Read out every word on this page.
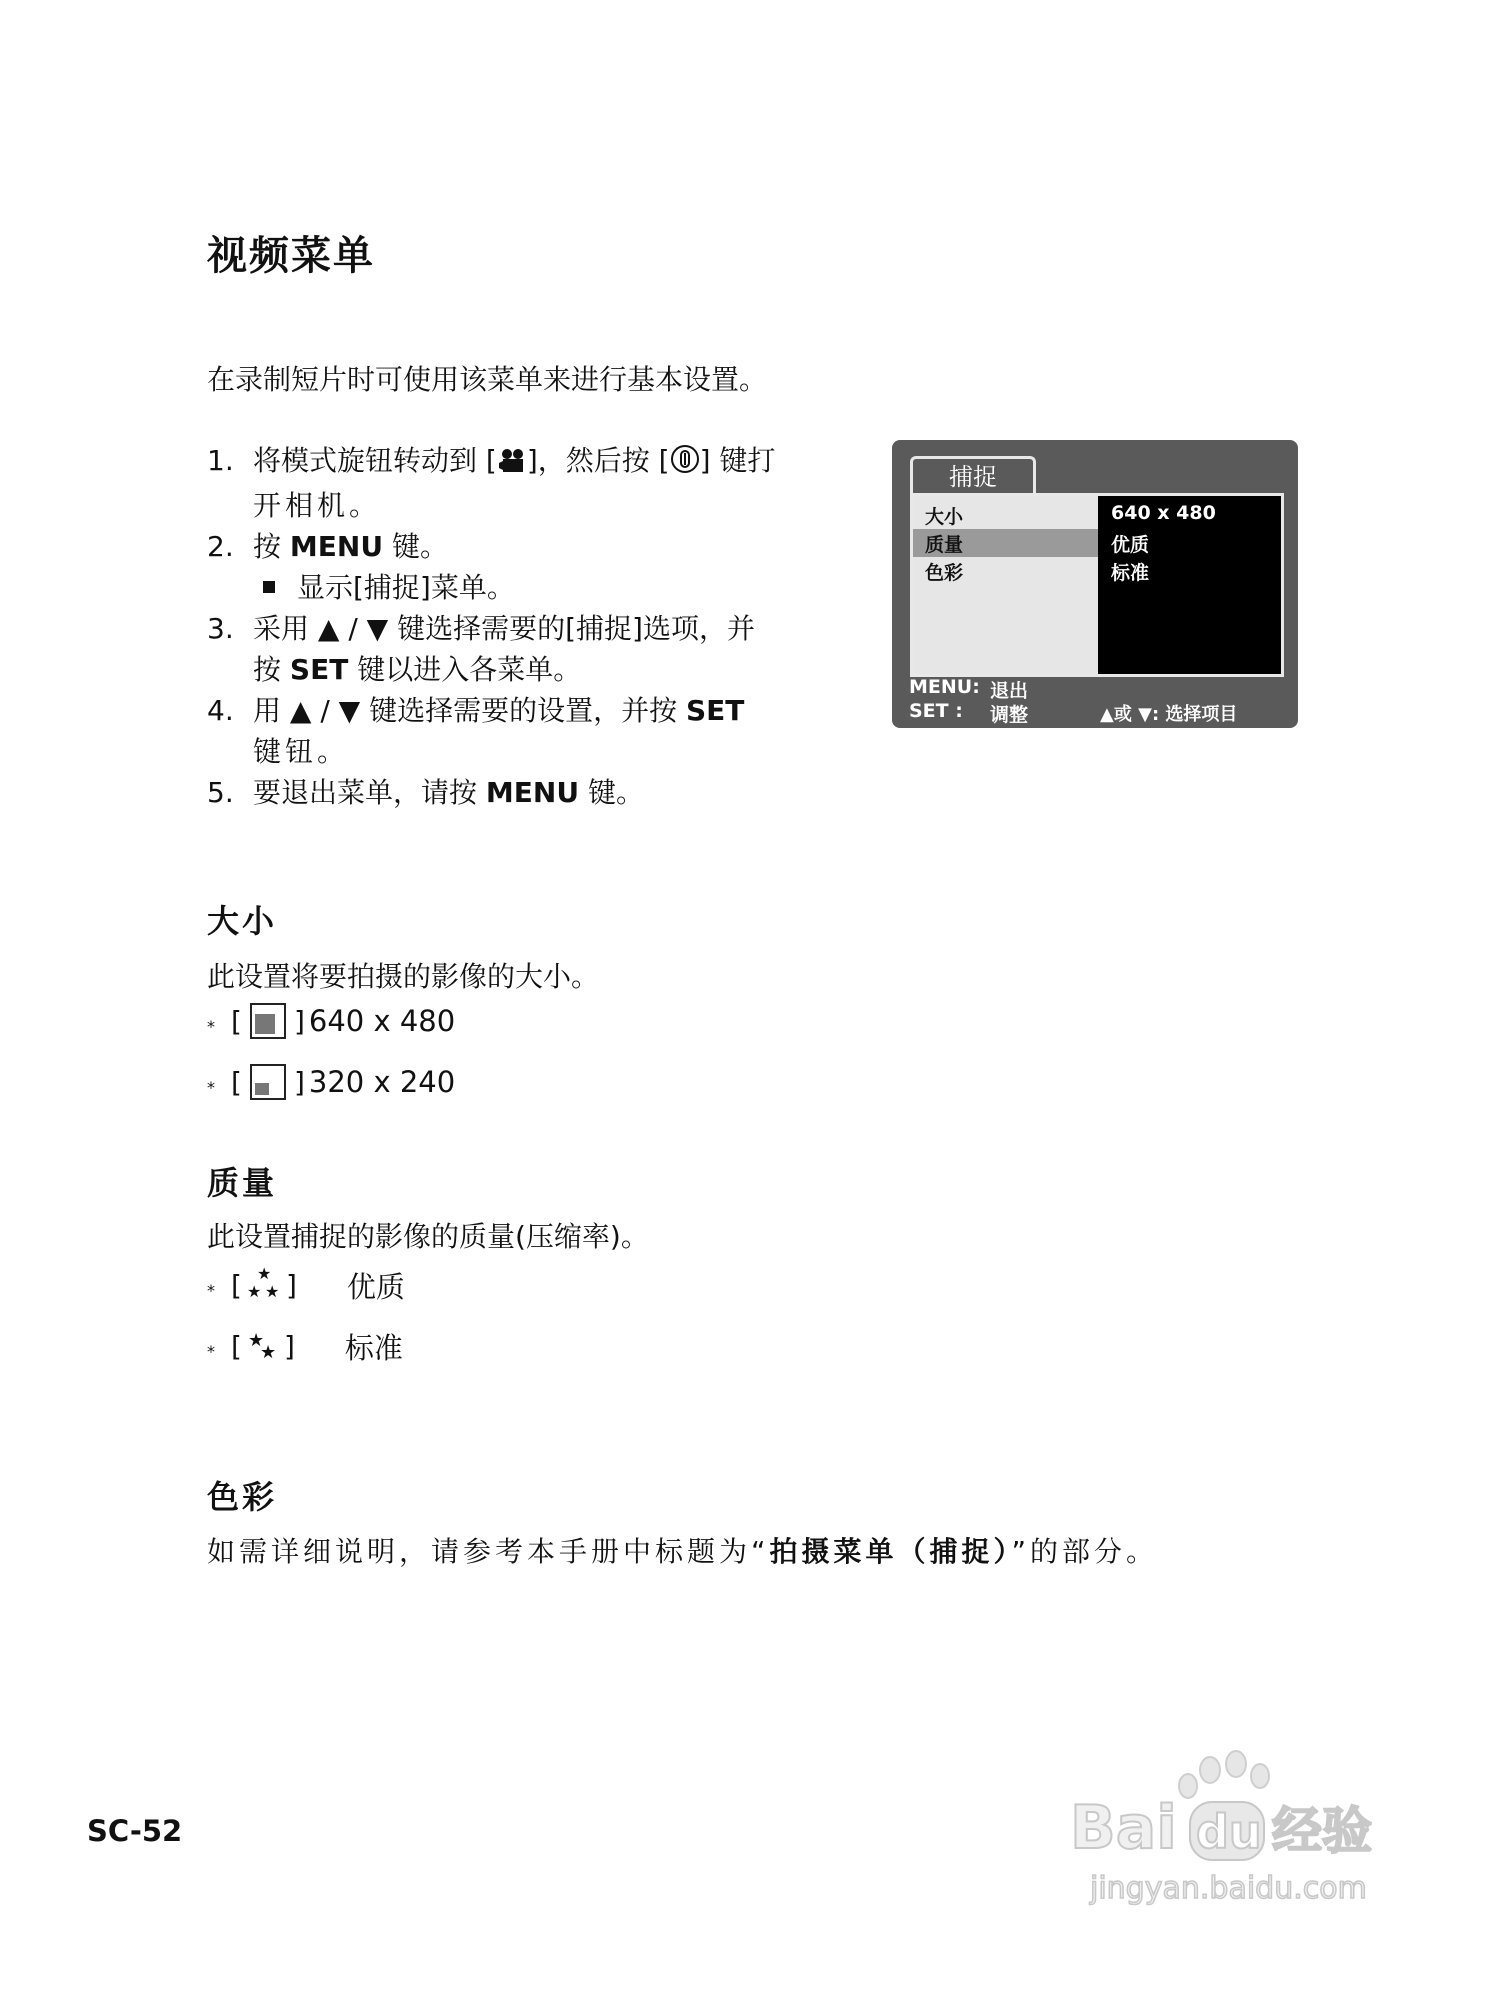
视频菜单
在录制短片时可使用该菜单来进行基本设置。
1. 将模式旋钮转动到 [ ]，然后按 [ ] 键打
开相机。
2. 按 MENU 键。
显示[捕捉]菜单。
3. 采用 ▲ / ▼ 键选择需要的[捕捉]选项，并
按 SET 键以进入各菜单。
4. 用 ▲ / ▼ 键选择需要的设置，并按 SET
键钮。
5. 要退出菜单，请按 MENU 键。
捕捉
大小
质量
色彩
640 x 480
优质
标准
MENU: 退出
SET : 调整	▲或 ▼: 选择项目
大小
此设置将要拍摄的影像的大小。
* [ ] 640 x 480
* [ ] 320 x 240
质量
此设置捕捉的影像的质量(压缩率)。
* [ ★
★ ★ ] 优质
* [ ★
★ ] 标准
色彩
如需详细说明，请参考本手册中标题为“拍摄菜单（捕捉）”的部分。
SC-52	Bai du 经验
jingyan.baidu.com
